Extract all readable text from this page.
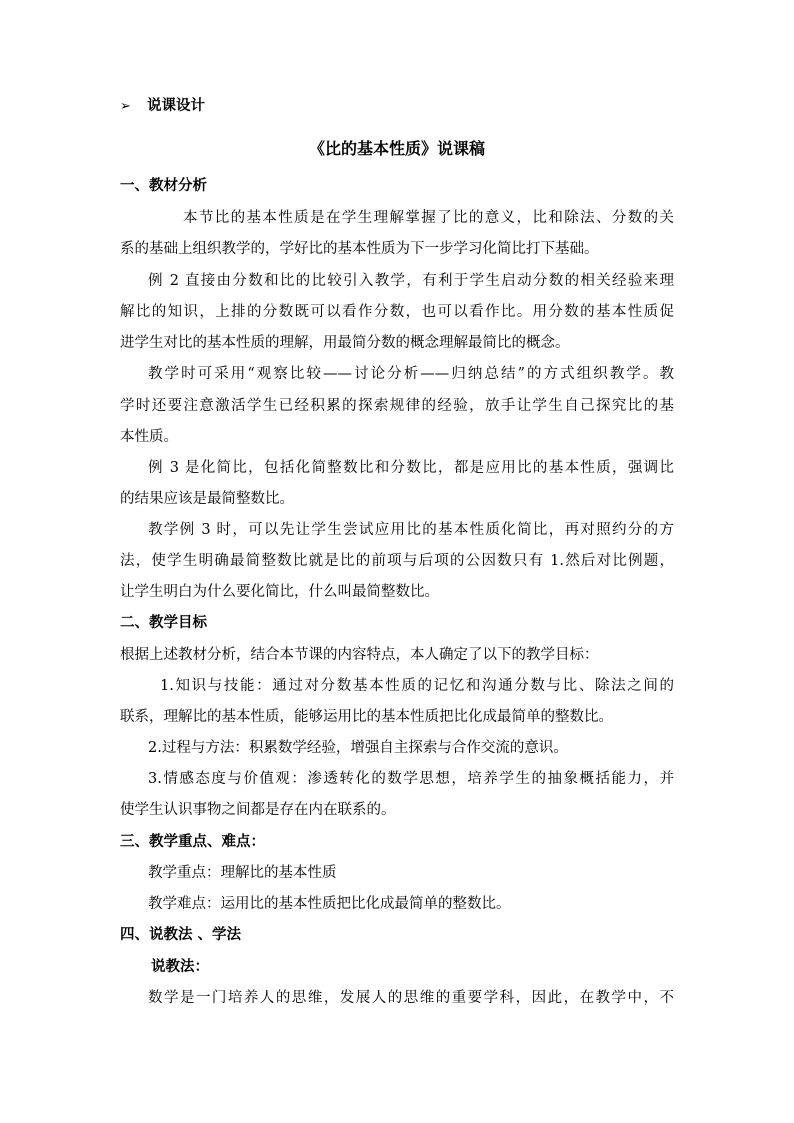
➢ 说课设计
《比的基本性质》说课稿
一、教材分析
本节比的基本性质是在学生理解掌握了比的意义，比和除法、分数的关
系的基础上组织教学的，学好比的基本性质为下一步学习化简比打下基础。
例 2 直接由分数和比的比较引入教学，有利于学生启动分数的相关经验来理
解比的知识，上排的分数既可以看作分数，也可以看作比。用分数的基本性质促
进学生对比的基本性质的理解，用最简分数的概念理解最简比的概念。
教学时可采用“观察比较——讨论分析——归纳总结”的方式组织教学。教
学时还要注意激活学生已经积累的探索规律的经验，放手让学生自己探究比的基
本性质。
例 3 是化简比，包括化简整数比和分数比，都是应用比的基本性质，强调比
的结果应该是最简整数比。
教学例 3 时，可以先让学生尝试应用比的基本性质化简比，再对照约分的方
法，使学生明确最简整数比就是比的前项与后项的公因数只有 1.然后对比例题，
让学生明白为什么要化简比，什么叫最简整数比。
二、教学目标
根据上述教材分析，结合本节课的内容特点，本人确定了以下的教学目标：
1.知识与技能：通过对分数基本性质的记忆和沟通分数与比、除法之间的
联系，理解比的基本性质，能够运用比的基本性质把比化成最简单的整数比。
2.过程与方法：积累数学经验，增强自主探索与合作交流的意识。
3.情感态度与价值观：渗透转化的数学思想，培养学生的抽象概括能力，并
使学生认识事物之间都是存在内在联系的。
三、教学重点、难点：
教学重点：理解比的基本性质
教学难点：运用比的基本性质把比化成最简单的整数比。
四、说教法 、学法
说教法：
数学是一门培养人的思维，发展人的思维的重要学科，因此，在教学中，不
